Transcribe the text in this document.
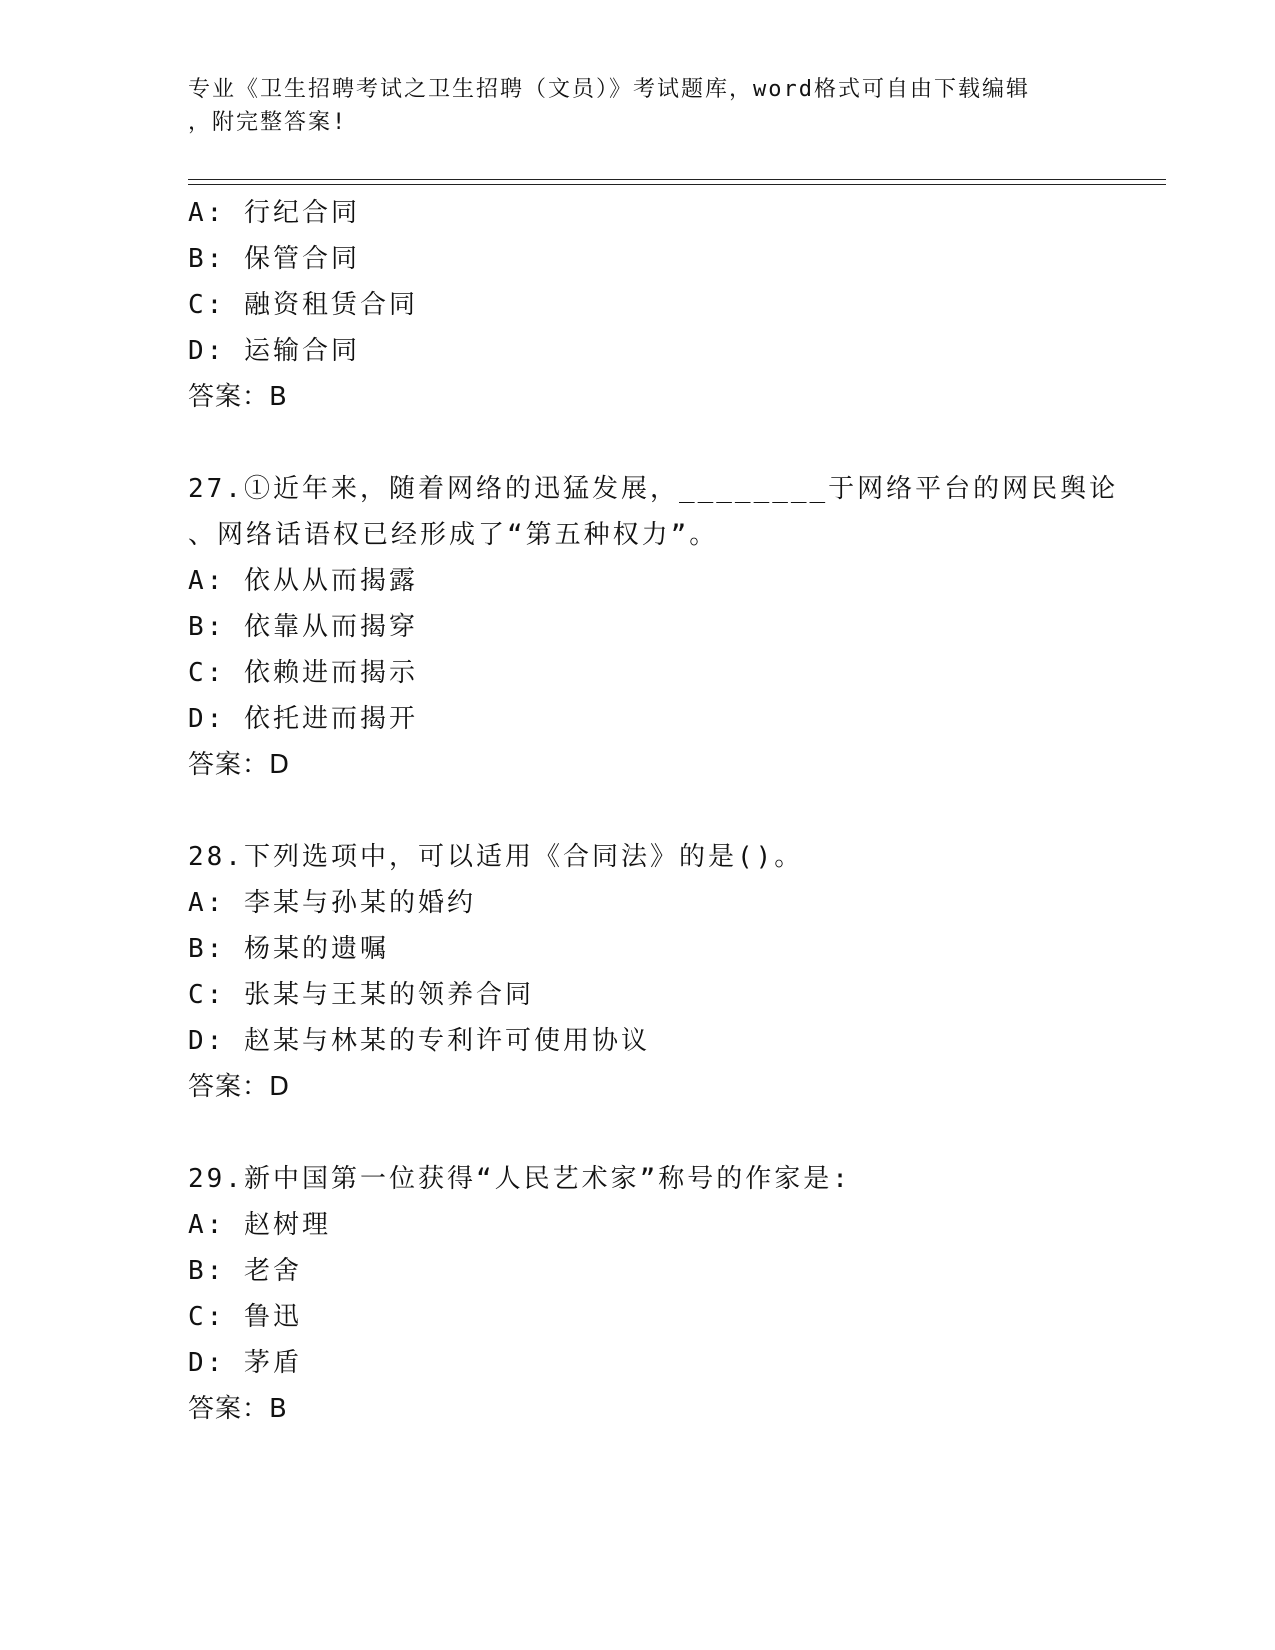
专业《卫生招聘考试之卫生招聘（文员）》考试题库，word格式可自由下载编辑
，附完整答案!
A: 行纪合同
B: 保管合同
C: 融资租赁合同
D: 运输合同
答案：B
27.①近年来，随着网络的迅猛发展，________于网络平台的网民舆论
、网络话语权已经形成了“第五种权力”。
A: 依从从而揭露
B: 依靠从而揭穿
C: 依赖进而揭示
D: 依托进而揭开
答案：D
28.下列选项中，可以适用《合同法》的是()。
A: 李某与孙某的婚约
B: 杨某的遗嘱
C: 张某与王某的领养合同
D: 赵某与林某的专利许可使用协议
答案：D
29.新中国第一位获得“人民艺术家”称号的作家是:
A: 赵树理
B: 老舍
C: 鲁迅
D: 茅盾
答案：B
